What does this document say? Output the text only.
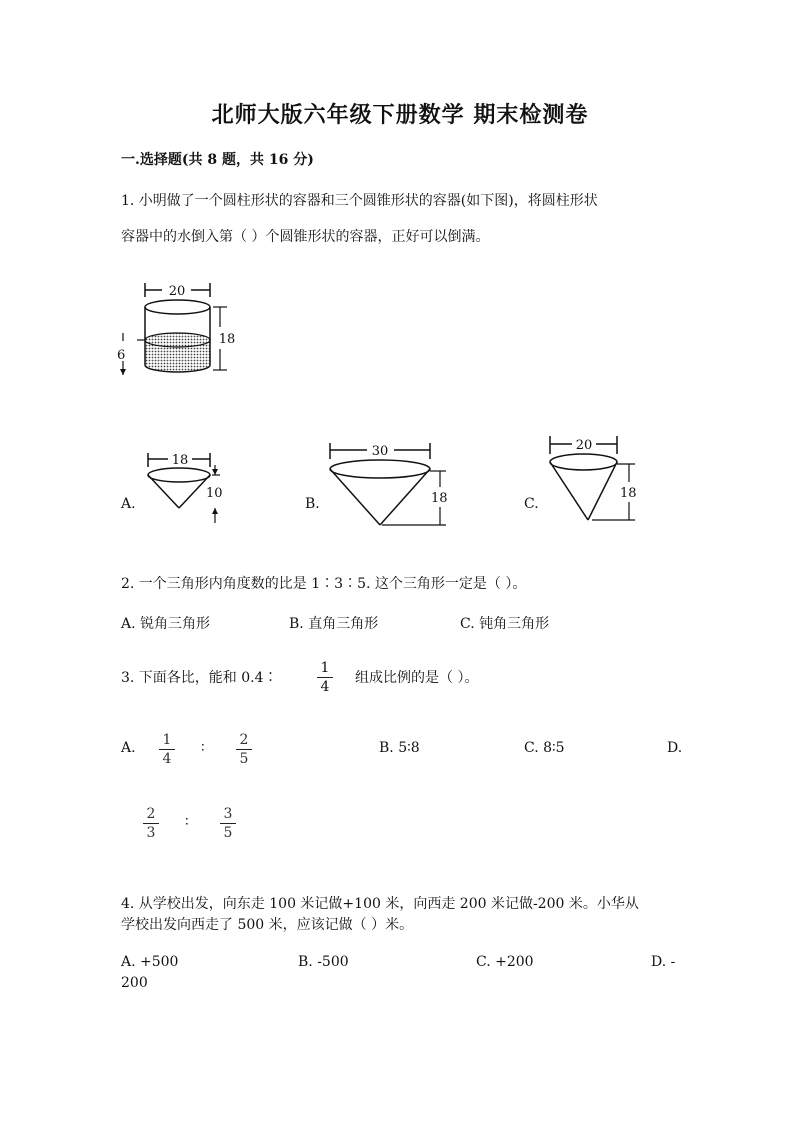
北师大版六年级下册数学 期末检测卷
一.选择题(共 8 题，共 16 分)
1. 小明做了一个圆柱形状的容器和三个圆锥形状的容器(如下图)，将圆柱形状
容器中的水倒入第（ ）个圆锥形状的容器，正好可以倒满。
20
18
6
A.
18
10
B.
30
18	C.
20
18
2. 一个三角形内角度数的比是 1∶3∶5. 这个三角形一定是（ ）。
A. 锐角三角形	B. 直角三角形	C. 钝角三角形
3. 下面各比，能和 0.4∶
1
4
组成比例的是（ ）。
A.	1
4
∶	2
5
B. 5∶8	C. 8∶5	D.
2
3
∶	3
5
4. 从学校出发，向东走 100 米记做+100 米，向西走 200 米记做-200 米。小华从
学校出发向西走了 500 米，应该记做（ ）米。
A. +500	B. -500	C. +200	D. -
200
